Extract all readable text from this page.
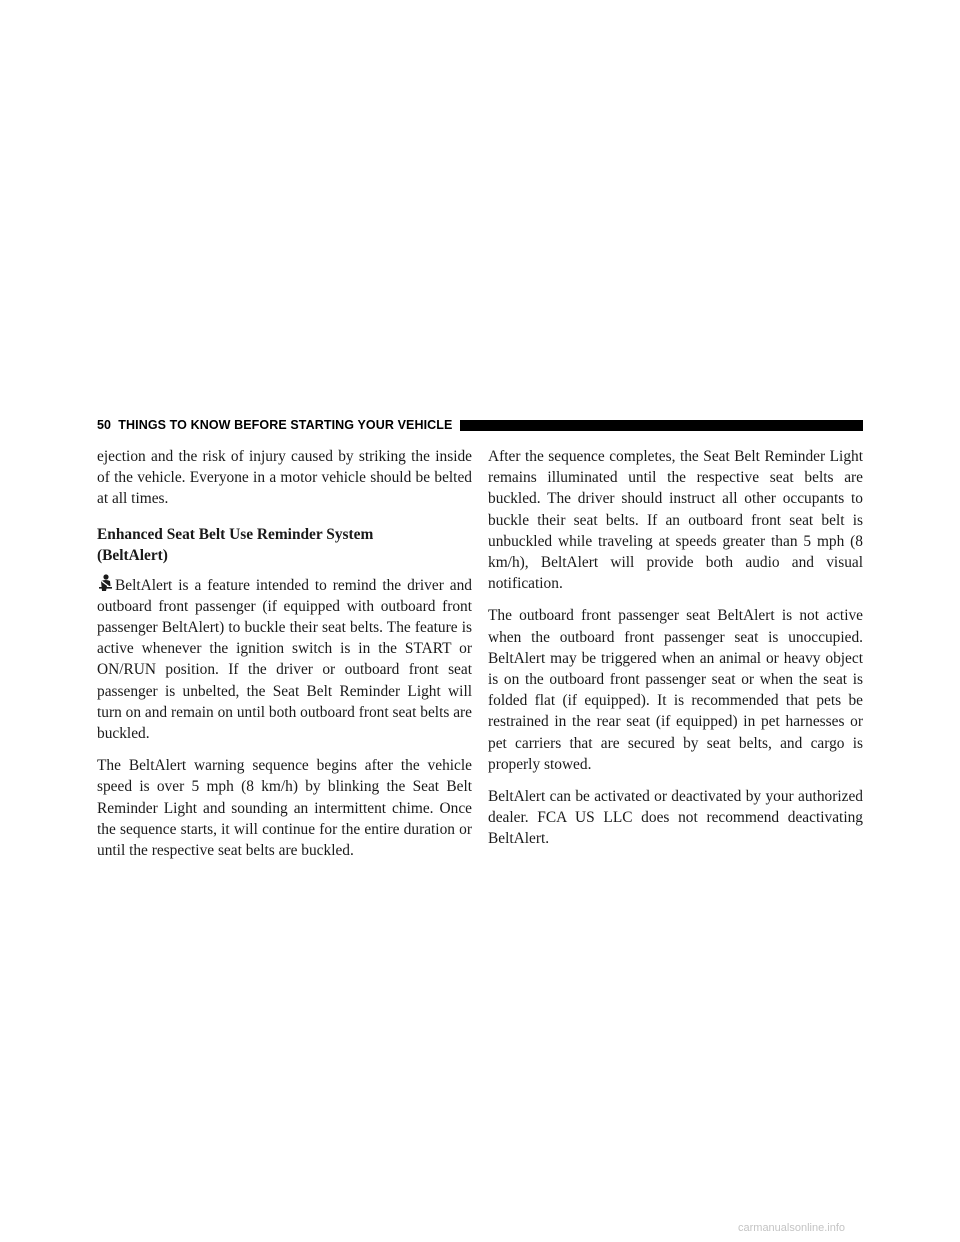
50 THINGS TO KNOW BEFORE STARTING YOUR VEHICLE

ejection and the risk of injury caused by striking the inside of the vehicle. Everyone in a motor vehicle should be belted at all times.

Enhanced Seat Belt Use Reminder System
(BeltAlert)

BeltAlert is a feature intended to remind the driver and outboard front passenger (if equipped with outboard front passenger BeltAlert) to buckle their seat belts. The feature is active whenever the ignition switch is in the START or ON/RUN position. If the driver or outboard front seat passenger is unbelted, the Seat Belt Reminder Light will turn on and remain on until both outboard front seat belts are buckled.

The BeltAlert warning sequence begins after the vehicle speed is over 5 mph (8 km/h) by blinking the Seat Belt Reminder Light and sounding an intermittent chime. Once the sequence starts, it will continue for the entire duration or until the respective seat belts are buckled.

After the sequence completes, the Seat Belt Reminder Light remains illuminated until the respective seat belts are buckled. The driver should instruct all other occupants to buckle their seat belts. If an outboard front seat belt is unbuckled while traveling at speeds greater than 5 mph (8 km/h), BeltAlert will provide both audio and visual notification.

The outboard front passenger seat BeltAlert is not active when the outboard front passenger seat is unoccupied. BeltAlert may be triggered when an animal or heavy object is on the outboard front passenger seat or when the seat is folded flat (if equipped). It is recommended that pets be restrained in the rear seat (if equipped) in pet harnesses or pet carriers that are secured by seat belts, and cargo is properly stowed.

BeltAlert can be activated or deactivated by your authorized dealer. FCA US LLC does not recommend deactivating BeltAlert.

carmanualsonline.info
